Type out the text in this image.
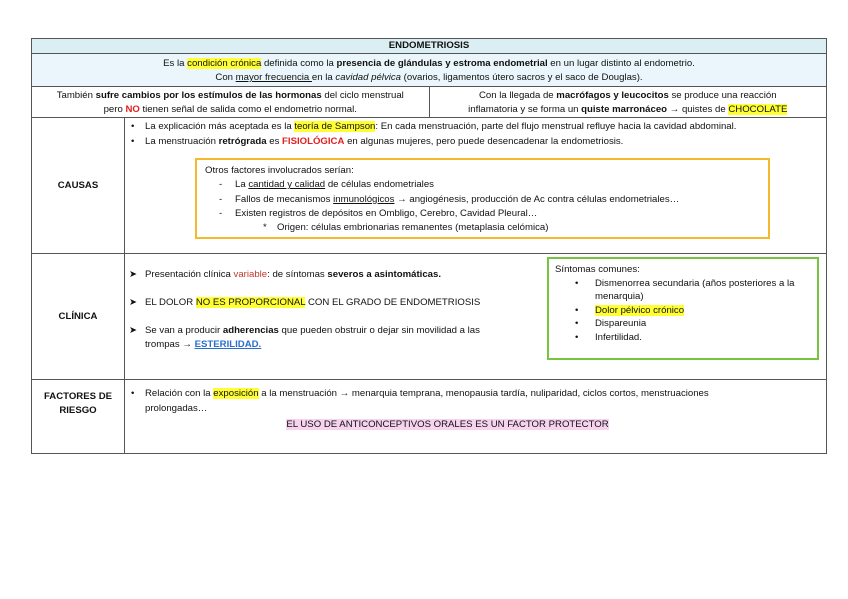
ENDOMETRIOSIS
Es la condición crónica definida como la presencia de glándulas y estroma endometrial en un lugar distinto al endometrio.
Con mayor frecuencia en la cavidad pélvica (ovarios, ligamentos útero sacros y el saco de Douglas).
También sufre cambios por los estímulos de las hormonas del ciclo menstrual
pero NO tienen señal de salida como el endometrio normal.
Con la llegada de macrófagos y leucocitos se produce una reacción
inflamatoria y se forma un quiste marronáceo → quistes de CHOCOLATE
CAUSAS
• La explicación más aceptada es la teoría de Sampson: En cada menstruación, parte del flujo menstrual refluye hacia la cavidad abdominal.
• La menstruación retrógrada es FISIOLÓGICA en algunas mujeres, pero puede desencadenar la endometriosis.
Otros factores involucrados serían:
- La cantidad y calidad de células endometriales
- Fallos de mecanismos inmunológicos → angiogénesis, producción de Ac contra células endometriales…
- Existen registros de depósitos en Ombligo, Cerebro, Cavidad Pleural…
* Origen: células embrionarias remanentes (metaplasia celómica)
CLÍNICA
➤ Presentación clínica variable: de síntomas severos a asintomáticas.
➤ EL DOLOR NO ES PROPORCIONAL CON EL GRADO DE ENDOMETRIOSIS
➤ Se van a producir adherencias que pueden obstruir o dejar sin movilidad a las
trompas → ESTERILIDAD.
Síntomas comunes:
• Dismenorrea secundaria (años posteriores a la menarquia)
• Dolor pélvico crónico
• Dispareunia
• Infertilidad.
FACTORES DE
RIESGO
• Relación con la exposición a la menstruación → menarquia temprana, menopausia tardía, nuliparidad, ciclos cortos, menstruaciones
prolongadas…
EL USO DE ANTICONCEPTIVOS ORALES ES UN FACTOR PROTECTOR
